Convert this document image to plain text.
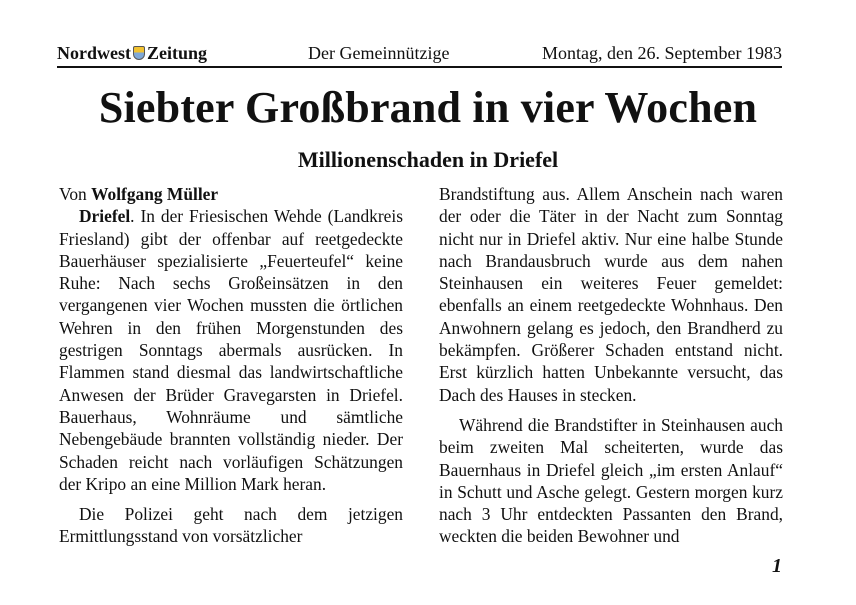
Nordwest Zeitung	Der Gemeinnützige	Montag, den 26. September 1983
Siebter Großbrand in vier Wochen
Millionenschaden in Driefel

Von Wolfgang Müller

Driefel. In der Friesischen Wehde (Landkreis Friesland) gibt der offenbar auf reetgedeckte Bauerhäuser spezialisierte „Feuerteufel“ keine Ruhe: Nach sechs Großeinsätzen in den vergangenen vier Wochen mussten die örtlichen Wehren in den frühen Morgenstunden des gestrigen Sonntags abermals ausrücken. In Flammen stand diesmal das landwirtschaftliche Anwesen der Brüder Gravegarsten in Driefel. Bauerhaus, Wohnräume und sämtliche Nebengebäude brannten vollständig nieder. Der Schaden reicht nach vorläufigen Schätzungen der Kripo an eine Million Mark heran.

Die Polizei geht nach dem jetzigen Ermittlungsstand von vorsätzlicher

Brandstiftung aus. Allem Anschein nach waren der oder die Täter in der Nacht zum Sonntag nicht nur in Driefel aktiv. Nur eine halbe Stunde nach Brandausbruch wurde aus dem nahen Steinhausen ein weiteres Feuer gemeldet: ebenfalls an einem reetgedeckte Wohnhaus. Den Anwohnern gelang es jedoch, den Brandherd zu bekämpfen. Größerer Schaden entstand nicht. Erst kürzlich hatten Unbekannte versucht, das Dach des Hauses in stecken.

Während die Brandstifter in Steinhausen auch beim zweiten Mal scheiterten, wurde das Bauernhaus in Driefel gleich „im ersten Anlauf“ in Schutt und Asche gelegt. Gestern morgen kurz nach 3 Uhr entdeckten Passanten den Brand, weckten die beiden Bewohner und

1
